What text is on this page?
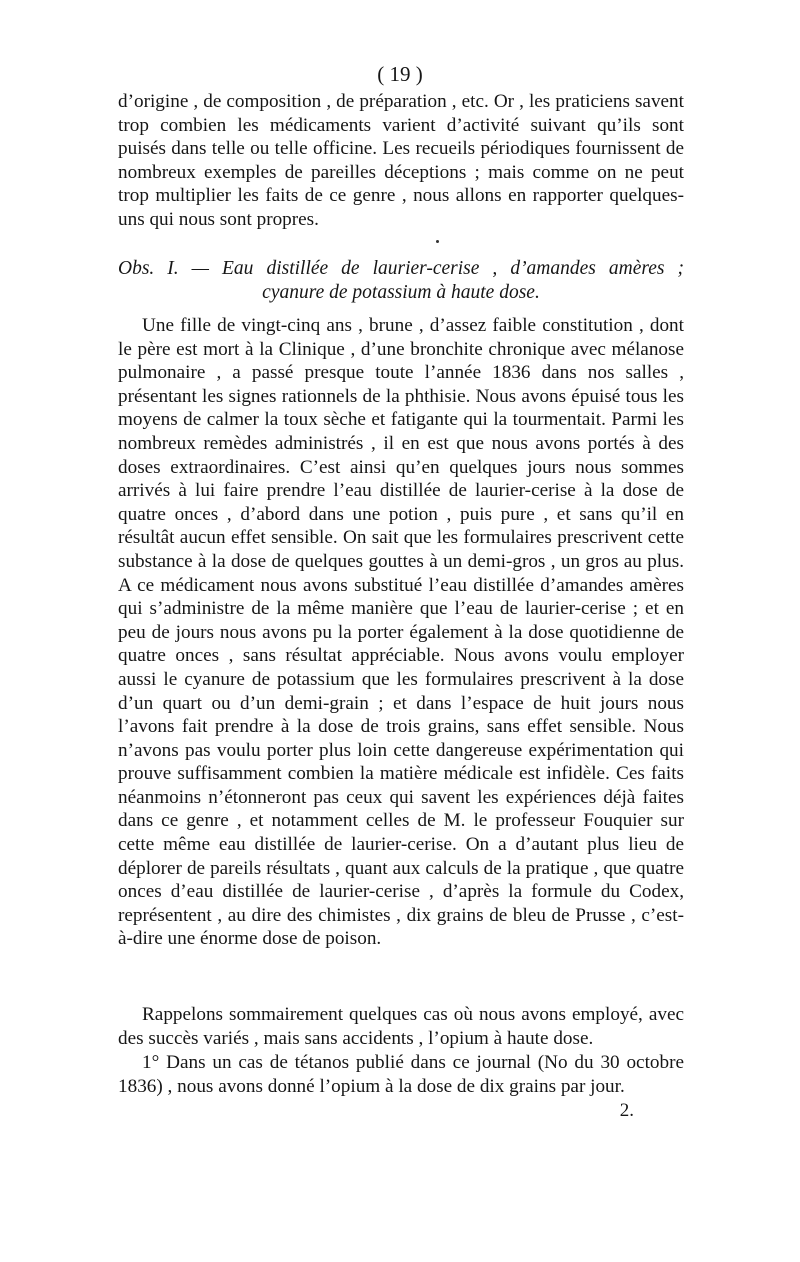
( 19 )

d’origine , de composition , de préparation , etc. Or , les praticiens savent trop combien les médicaments varient d’activité suivant qu’ils sont puisés dans telle ou telle officine. Les recueils périodiques fournissent de nombreux exemples de pareilles déceptions ; mais comme on ne peut trop multiplier les faits de ce genre , nous allons en rapporter quelques-uns qui nous sont propres.

Obs. I. — Eau distillée de laurier-cerise , d’amandes amères ;

cyanure de potassium à haute dose.

Une fille de vingt-cinq ans , brune , d’assez faible constitution , dont le père est mort à la Clinique , d’une bronchite chronique avec mélanose pulmonaire , a passé presque toute l’année 1836 dans nos salles , présentant les signes rationnels de la phthisie. Nous avons épuisé tous les moyens de calmer la toux sèche et fatigante qui la tourmentait. Parmi les nombreux remèdes administrés , il en est que nous avons portés à des doses extraordinaires. C’est ainsi qu’en quelques jours nous sommes arrivés à lui faire prendre l’eau distillée de laurier-cerise à la dose de quatre onces , d’abord dans une potion , puis pure , et sans qu’il en résultât aucun effet sensible. On sait que les formulaires prescrivent cette substance à la dose de quelques gouttes à un demi-gros , un gros au plus. A ce médicament nous avons substitué l’eau distillée d’amandes amères qui s’administre de la même manière que l’eau de laurier-cerise ; et en peu de jours nous avons pu la porter également à la dose quotidienne de quatre onces , sans résultat appréciable. Nous avons voulu employer aussi le cyanure de potassium que les formulaires prescrivent à la dose d’un quart ou d’un demi-grain ; et dans l’espace de huit jours nous l’avons fait prendre à la dose de trois grains, sans effet sensible. Nous n’avons pas voulu porter plus loin cette dangereuse expérimentation qui prouve suffisamment combien la matière médicale est infidèle. Ces faits néanmoins n’étonneront pas ceux qui savent les expériences déjà faites dans ce genre , et notamment celles de M. le professeur Fouquier sur cette même eau distillée de laurier-cerise. On a d’autant plus lieu de déplorer de pareils résultats , quant aux calculs de la pratique , que quatre onces d’eau distillée de laurier-cerise , d’après la formule du Codex, représentent , au dire des chimistes , dix grains de bleu de Prusse , c’est-à-dire une énorme dose de poison.

Rappelons sommairement quelques cas où nous avons employé, avec des succès variés , mais sans accidents , l’opium à haute dose.

1° Dans un cas de tétanos publié dans ce journal (No du 30 octobre 1836) , nous avons donné l’opium à la dose de dix grains par jour.

2.
